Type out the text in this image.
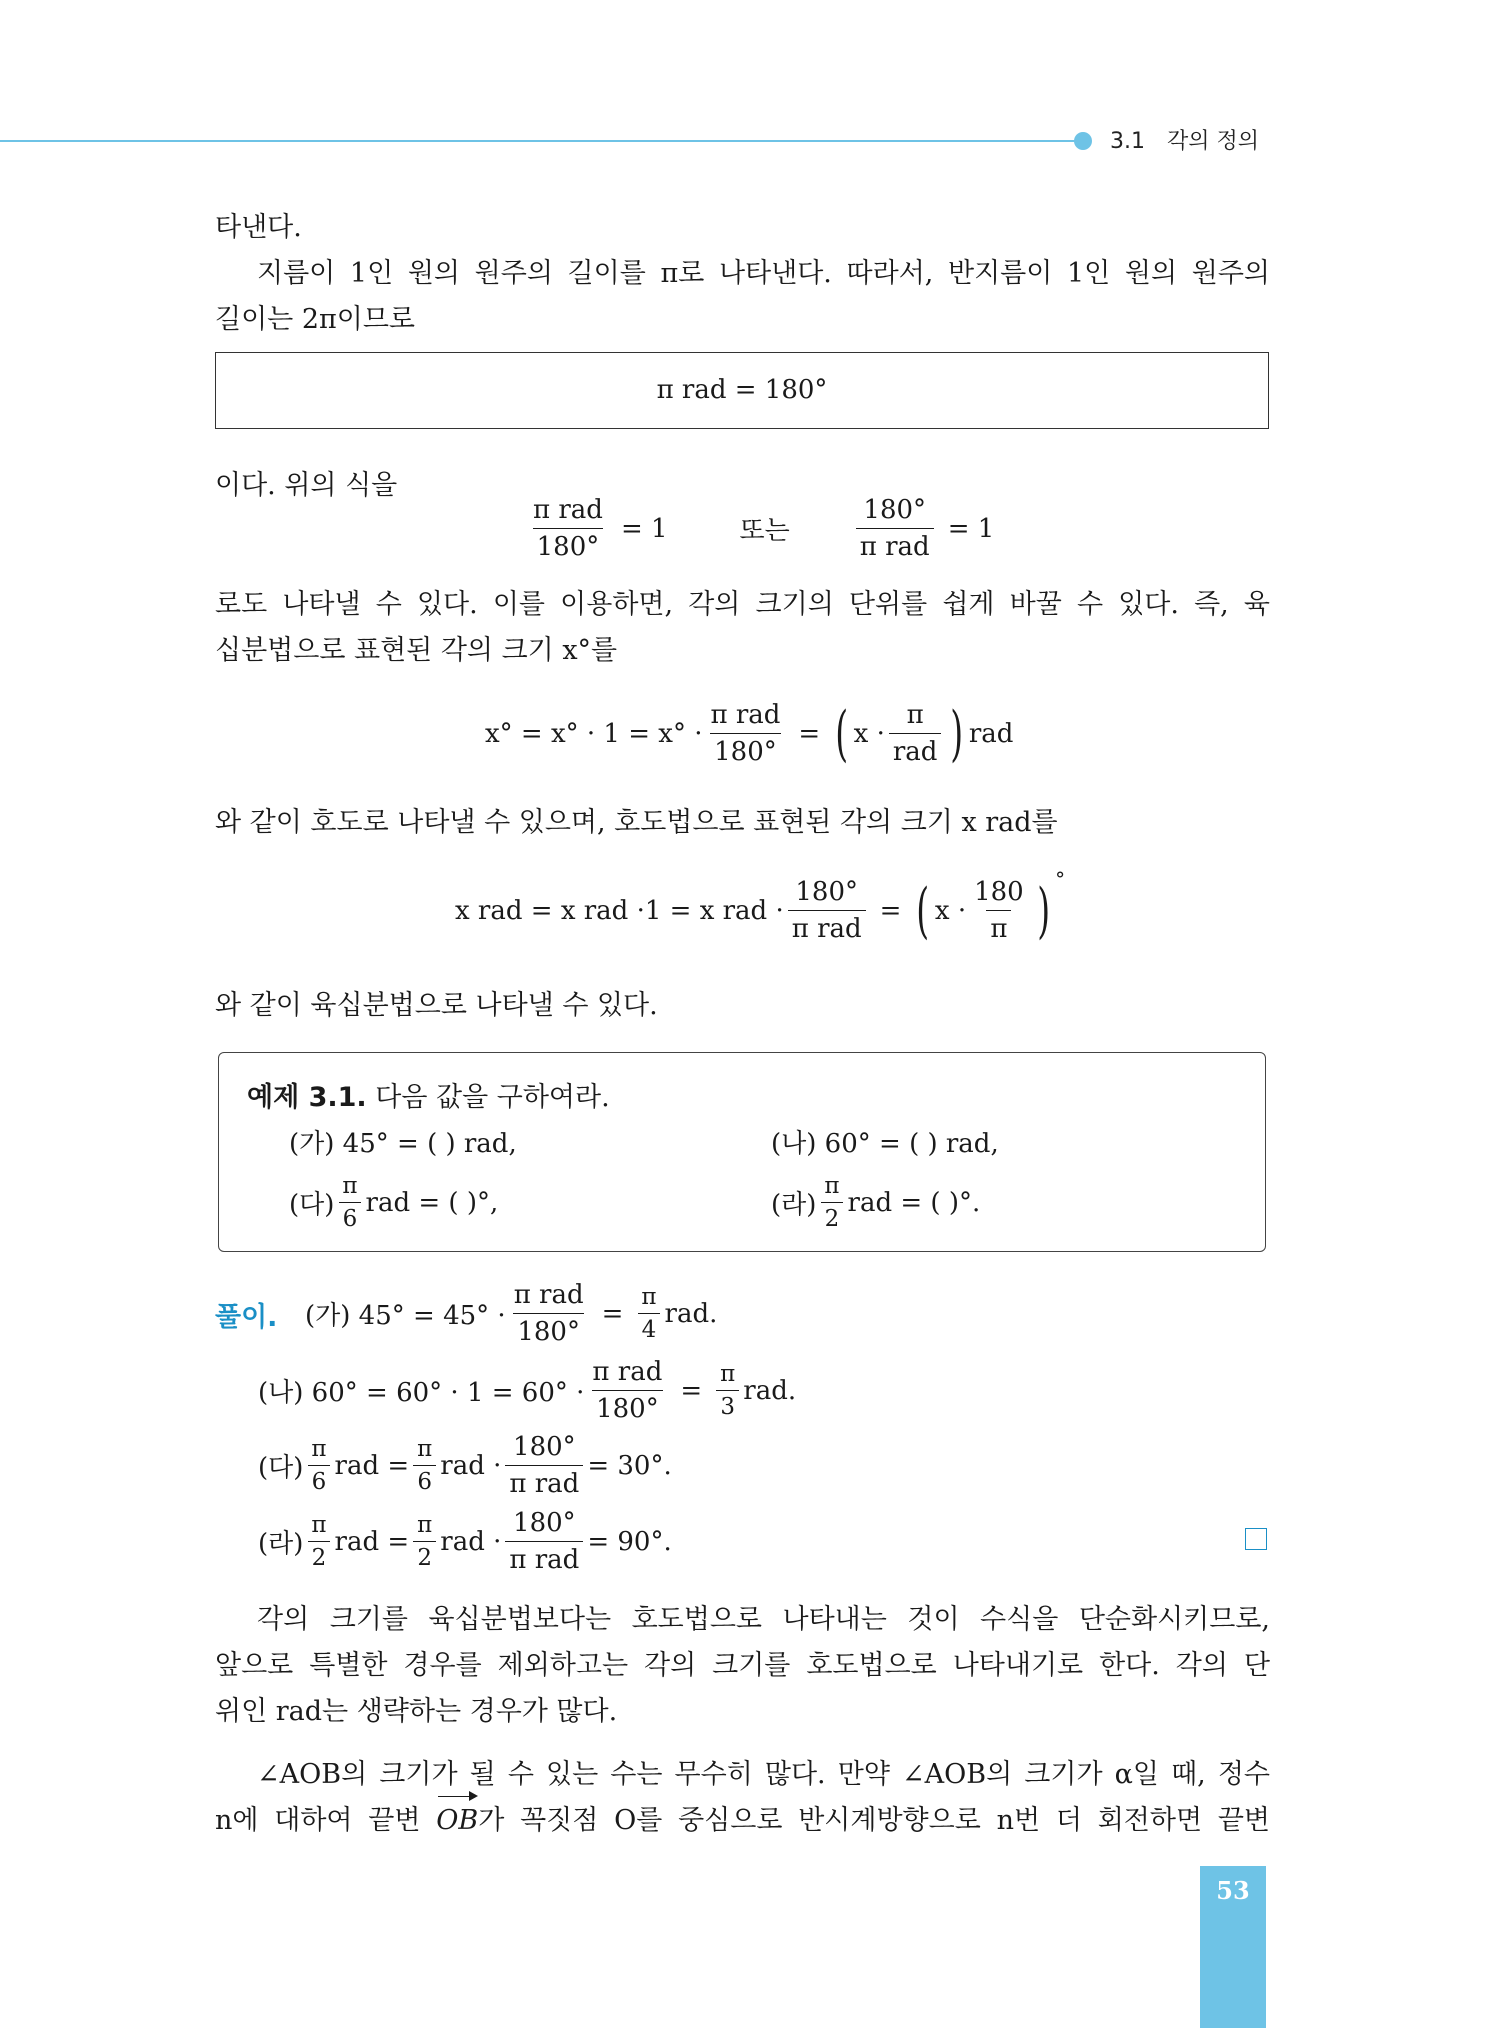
3.1 각의 정의

타낸다.

지름이 1인 원의 원주의 길이를 π로 나타낸다. 따라서, 반지름이 1인 원의 원주의

길이는 2π이므로

π rad = 180°

이다. 위의 식을

$\frac{\text{π rad}}{180^\circ} = 1$	또는	$\frac{180^\circ}{\text{π rad}} = 1$

로도 나타낼 수 있다. 이를 이용하면, 각의 크기의 단위를 쉽게 바꿀 수 있다. 즉, 육

십분법으로 표현된 각의 크기 x°를

$x^\circ = x^\circ \cdot 1 = x^\circ \cdot \frac{\text{π rad}}{180^\circ}$ = ( $x \cdot \frac{\pi}{\text{rad}}$ ) rad

와 같이 호도로 나타낼 수 있으며, 호도법으로 표현된 각의 크기 x rad를

x rad = x rad ·1 = x rad · $\frac{180^\circ}{\text{π rad}}$ = ( $x \cdot \frac{180}{\pi}$ ) °

와 같이 육십분법으로 나타낼 수 있다.

예제 3.1. 다음 값을 구하여라.
(가) 45° = ( ) rad,	(나) 60° = ( ) rad,
(다) $\frac{\pi}{6}$ rad = ( )°,	(라) $\frac{\pi}{2}$ rad = ( )°.
풀이. (가) $45^\circ = 45^\circ \cdot \frac{\text{π rad}}{180^\circ} = \frac{\pi}{4}$ rad.
(나) $60^\circ = 60^\circ \cdot 1 = 60^\circ \cdot \frac{\text{π rad}}{180^\circ} = \frac{\pi}{3}$ rad.
(다) $\frac{\pi}{6}$ rad = $\frac{\pi}{6}$ rad · $\frac{180^\circ}{\text{π rad}} = 30^\circ$.
(라) $\frac{\pi}{2}$ rad = $\frac{\pi}{2}$ rad · $\frac{180^\circ}{\text{π rad}} = 90^\circ$.

각의 크기를 육십분법보다는 호도법으로 나타내는 것이 수식을 단순화시키므로,

앞으로 특별한 경우를 제외하고는 각의 크기를 호도법으로 나타내기로 한다. 각의 단

위인 rad는 생략하는 경우가 많다.

∠AOB의 크기가 될 수 있는 수는 무수히 많다. 만약 ∠AOB의 크기가 α일 때, 정수

n에 대하여 끝변 OB가 꼭짓점 O를 중심으로 반시계방향으로 n번 더 회전하면 끝변

53
